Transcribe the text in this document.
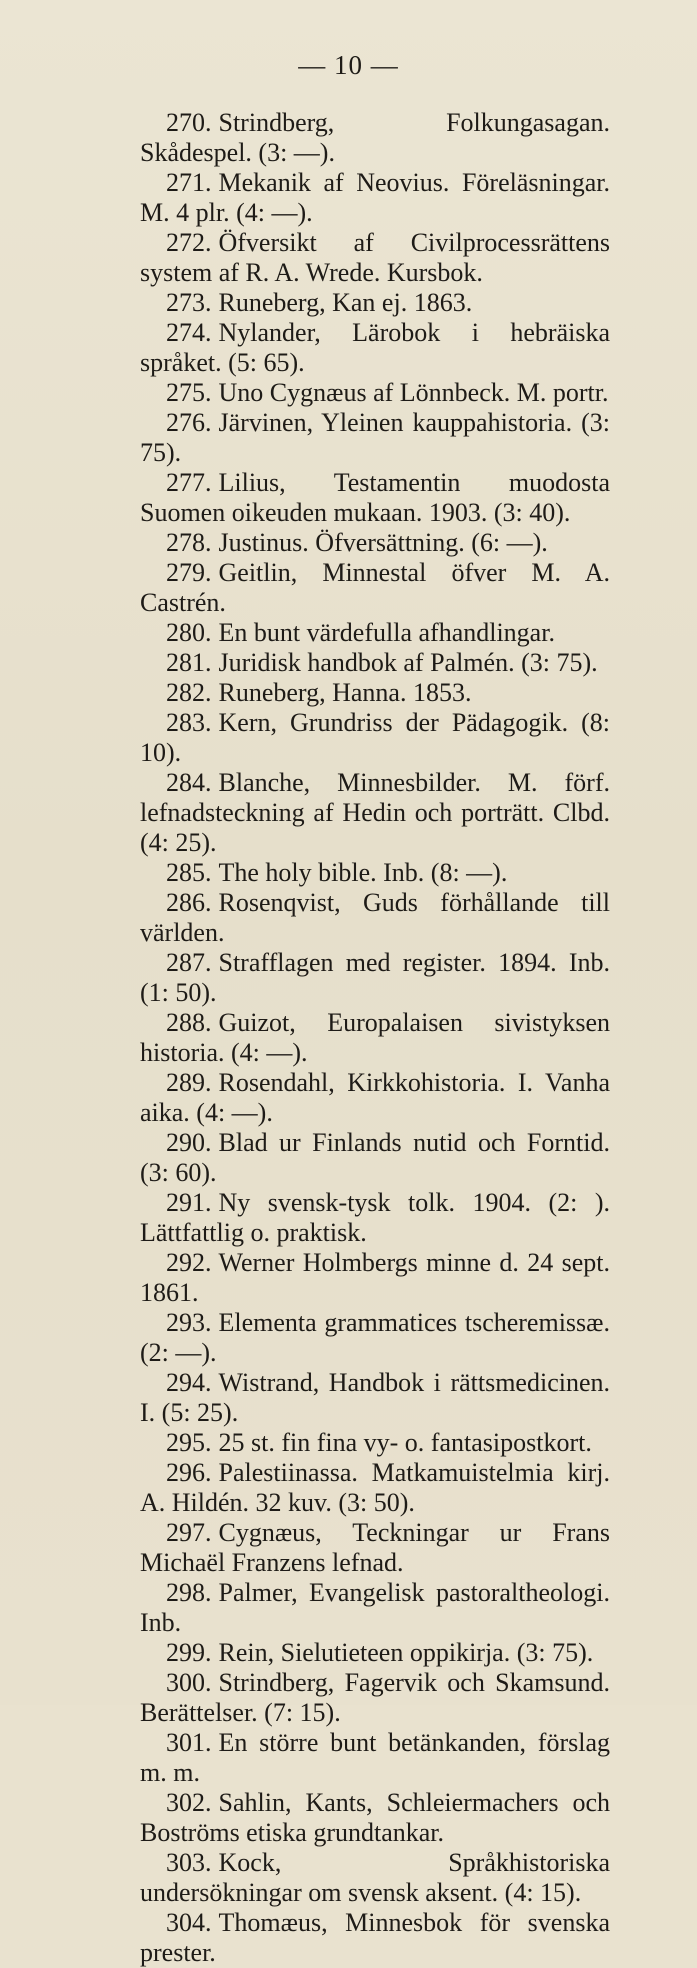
— 10 —

270. Strindberg, Folkungasagan. Skådespel. (3: —).

271. Mekanik af Neovius. Föreläsningar. M. 4 plr. (4: —).

272. Öfversikt af Civilprocessrättens system af R. A. Wrede. Kursbok.

273. Runeberg, Kan ej. 1863.

274. Nylander, Lärobok i hebräiska språket. (5: 65).

275. Uno Cygnæus af Lönnbeck. M. portr.

276. Järvinen, Yleinen kauppahistoria. (3: 75).

277. Lilius, Testamentin muodosta Suomen oikeuden mukaan. 1903. (3: 40).

278. Justinus. Öfversättning. (6: —).

279. Geitlin, Minnestal öfver M. A. Castrén.

280. En bunt värdefulla afhandlingar.

281. Juridisk handbok af Palmén. (3: 75).

282. Runeberg, Hanna. 1853.

283. Kern, Grundriss der Pädagogik. (8: 10).

284. Blanche, Minnesbilder. M. förf. lefnadsteckning af Hedin och porträtt. Clbd. (4: 25).

285. The holy bible. Inb. (8: —).

286. Rosenqvist, Guds förhållande till världen.

287. Strafflagen med register. 1894. Inb. (1: 50).

288. Guizot, Europalaisen sivistyksen historia. (4: —).

289. Rosendahl, Kirkkohistoria. I. Vanha aika. (4: —).

290. Blad ur Finlands nutid och Forntid. (3: 60).

291. Ny svensk-tysk tolk. 1904. (2: ). Lättfattlig o. praktisk.

292. Werner Holmbergs minne d. 24 sept. 1861.

293. Elementa grammatices tscheremissæ. (2: —).

294. Wistrand, Handbok i rättsmedicinen. I. (5: 25).

295. 25 st. fin fina vy- o. fantasipostkort.

296. Palestiinassa. Matkamuistelmia kirj. A. Hildén. 32 kuv. (3: 50).

297. Cygnæus, Teckningar ur Frans Michaël Franzens lefnad.

298. Palmer, Evangelisk pastoraltheologi. Inb.

299. Rein, Sielutieteen oppikirja. (3: 75).

300. Strindberg, Fagervik och Skamsund. Berättelser. (7: 15).

301. En större bunt betänkanden, förslag m. m.

302. Sahlin, Kants, Schleiermachers och Boströms etiska grundtankar.

303. Kock, Språkhistoriska undersökningar om svensk aksent. (4: 15).

304. Thomæus, Minnesbok för svenska prester.
